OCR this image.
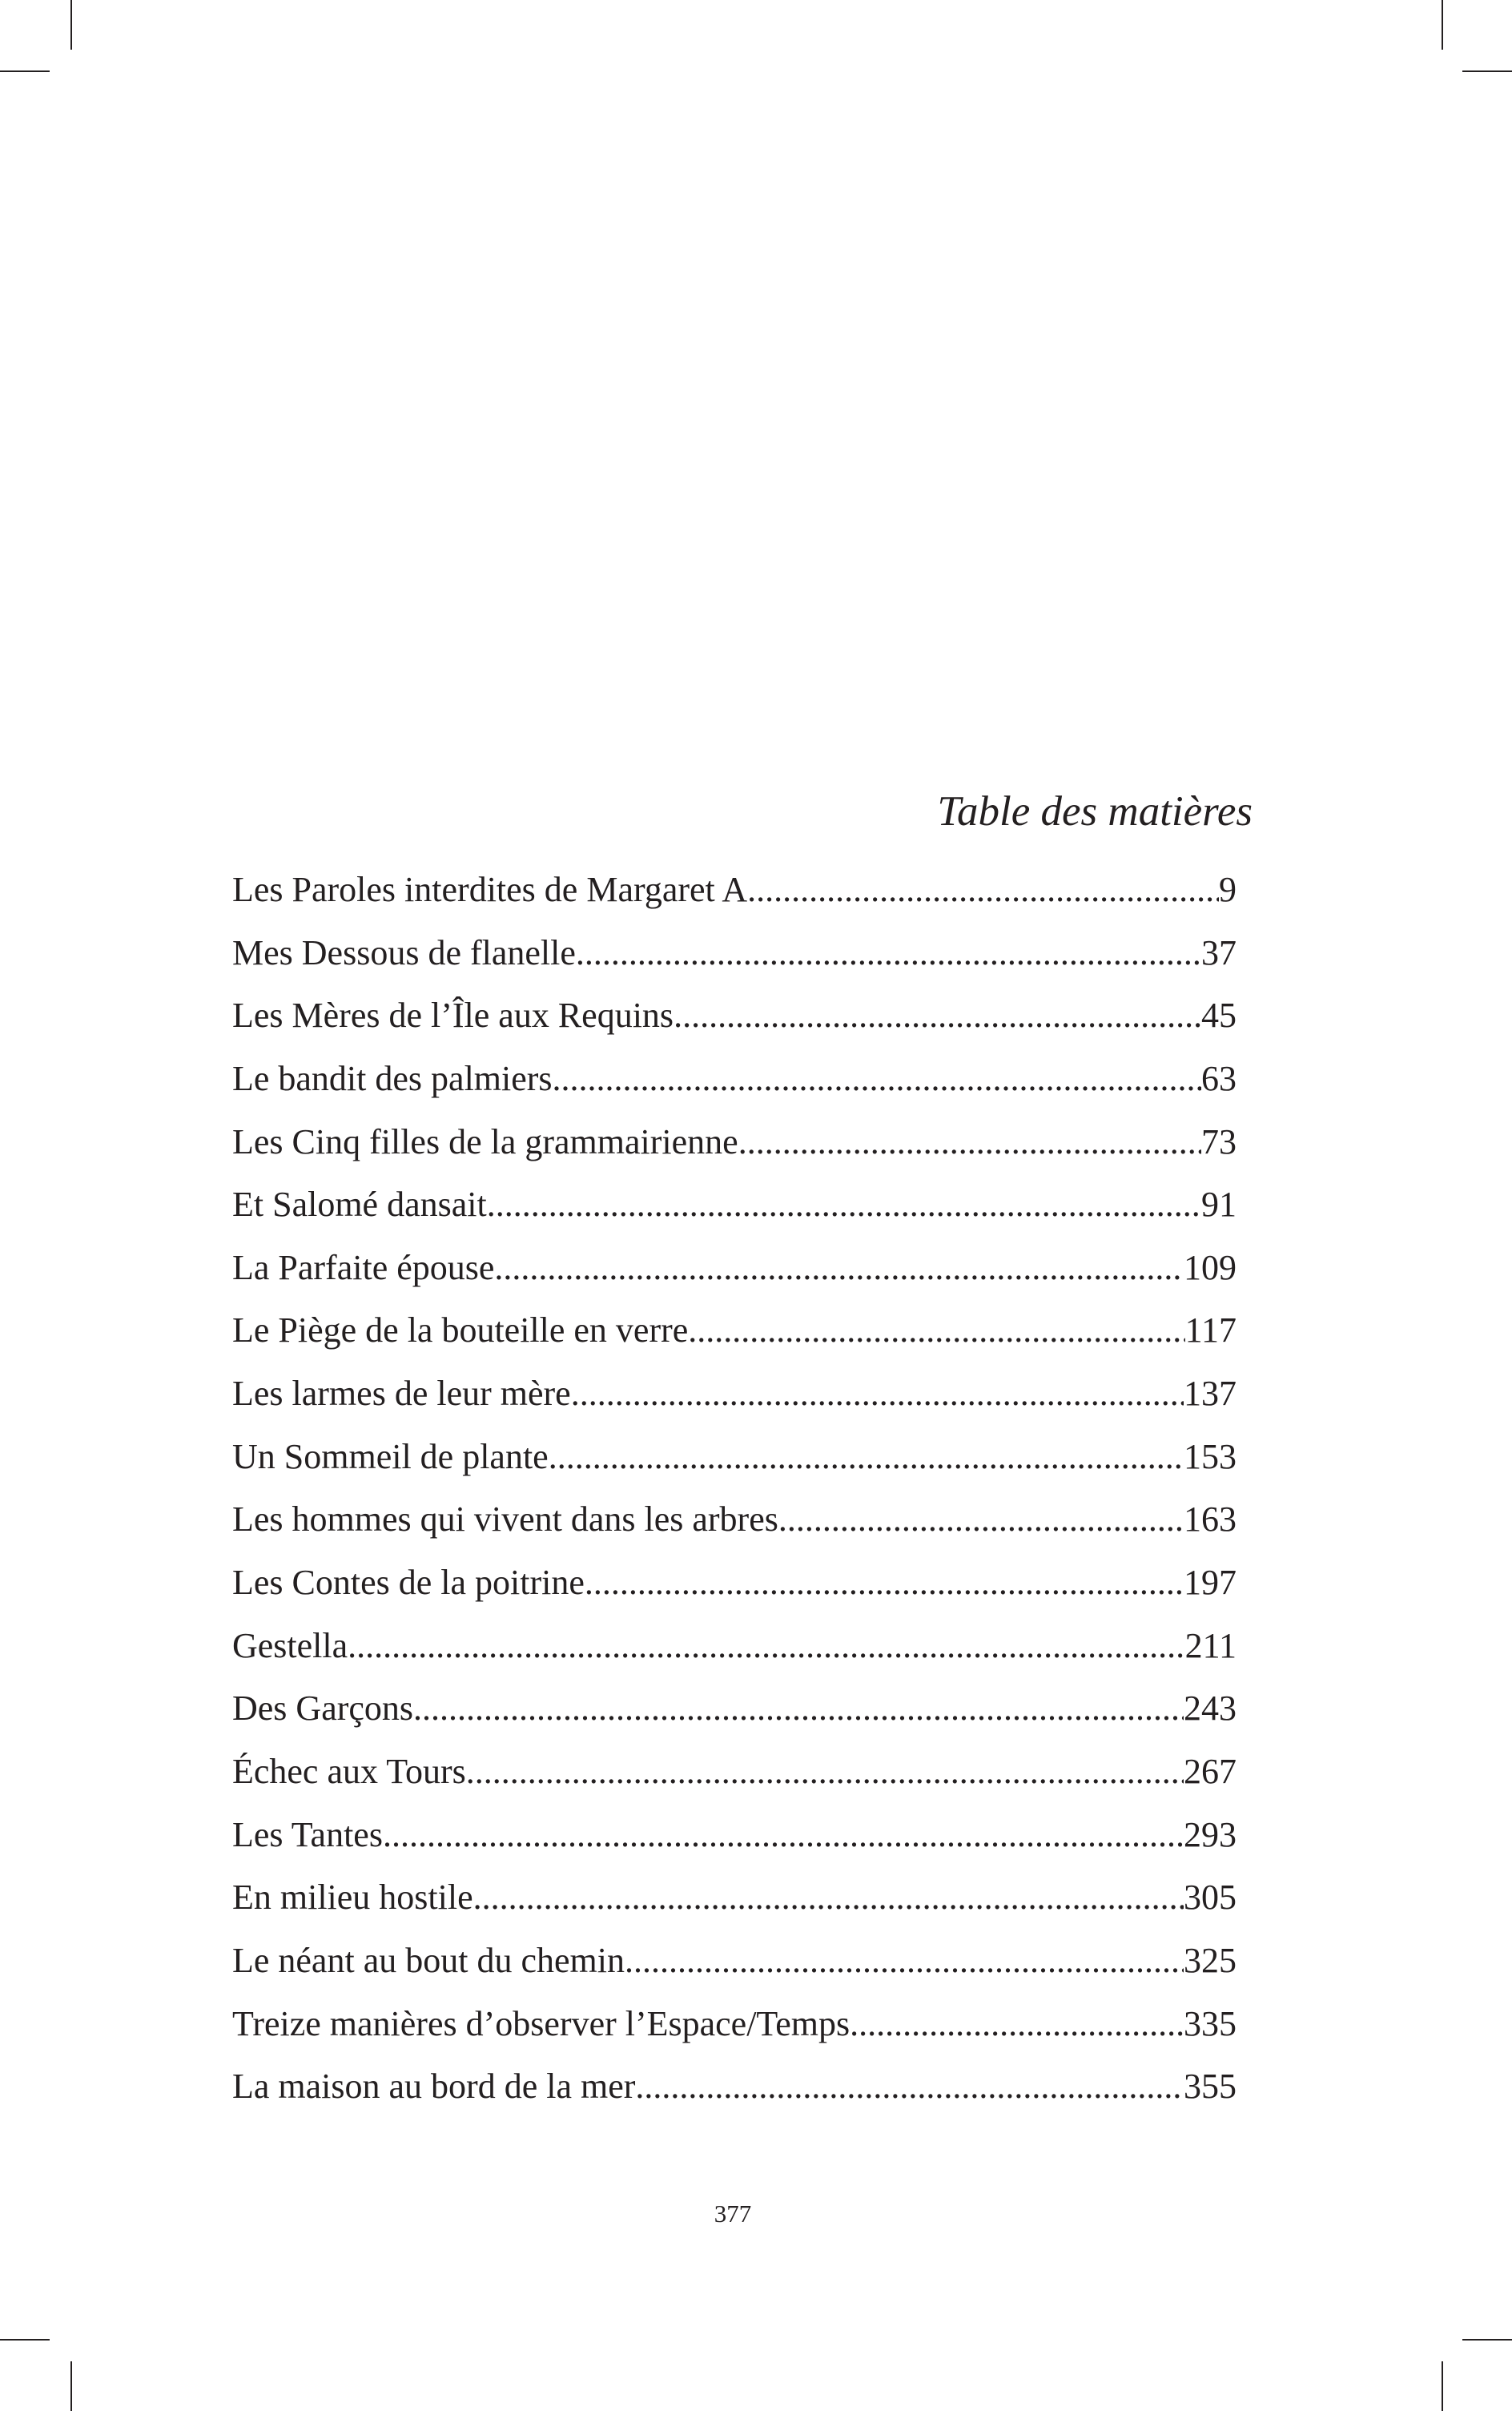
Table des matières
Les Paroles interdites de Margaret A. .....	9
Mes Dessous de flanelle .....	37
Les Mères de l’Île aux Requins .....	45
Le bandit des palmiers .....	63
Les Cinq filles de la grammairienne .....	73
Et Salomé dansait .....	91
La Parfaite épouse .....	109
Le Piège de la bouteille en verre .....	117
Les larmes de leur mère .....	137
Un Sommeil de plante .....	153
Les hommes qui vivent dans les arbres .....	163
Les Contes de la poitrine .....	197
Gestella .....	211
Des Garçons .....	243
Échec aux Tours .....	267
Les Tantes .....	293
En milieu hostile .....	305
Le néant au bout du chemin .....	325
Treize manières d’observer l’Espace/Temps .....	335
La maison au bord de la mer .....	355
377
